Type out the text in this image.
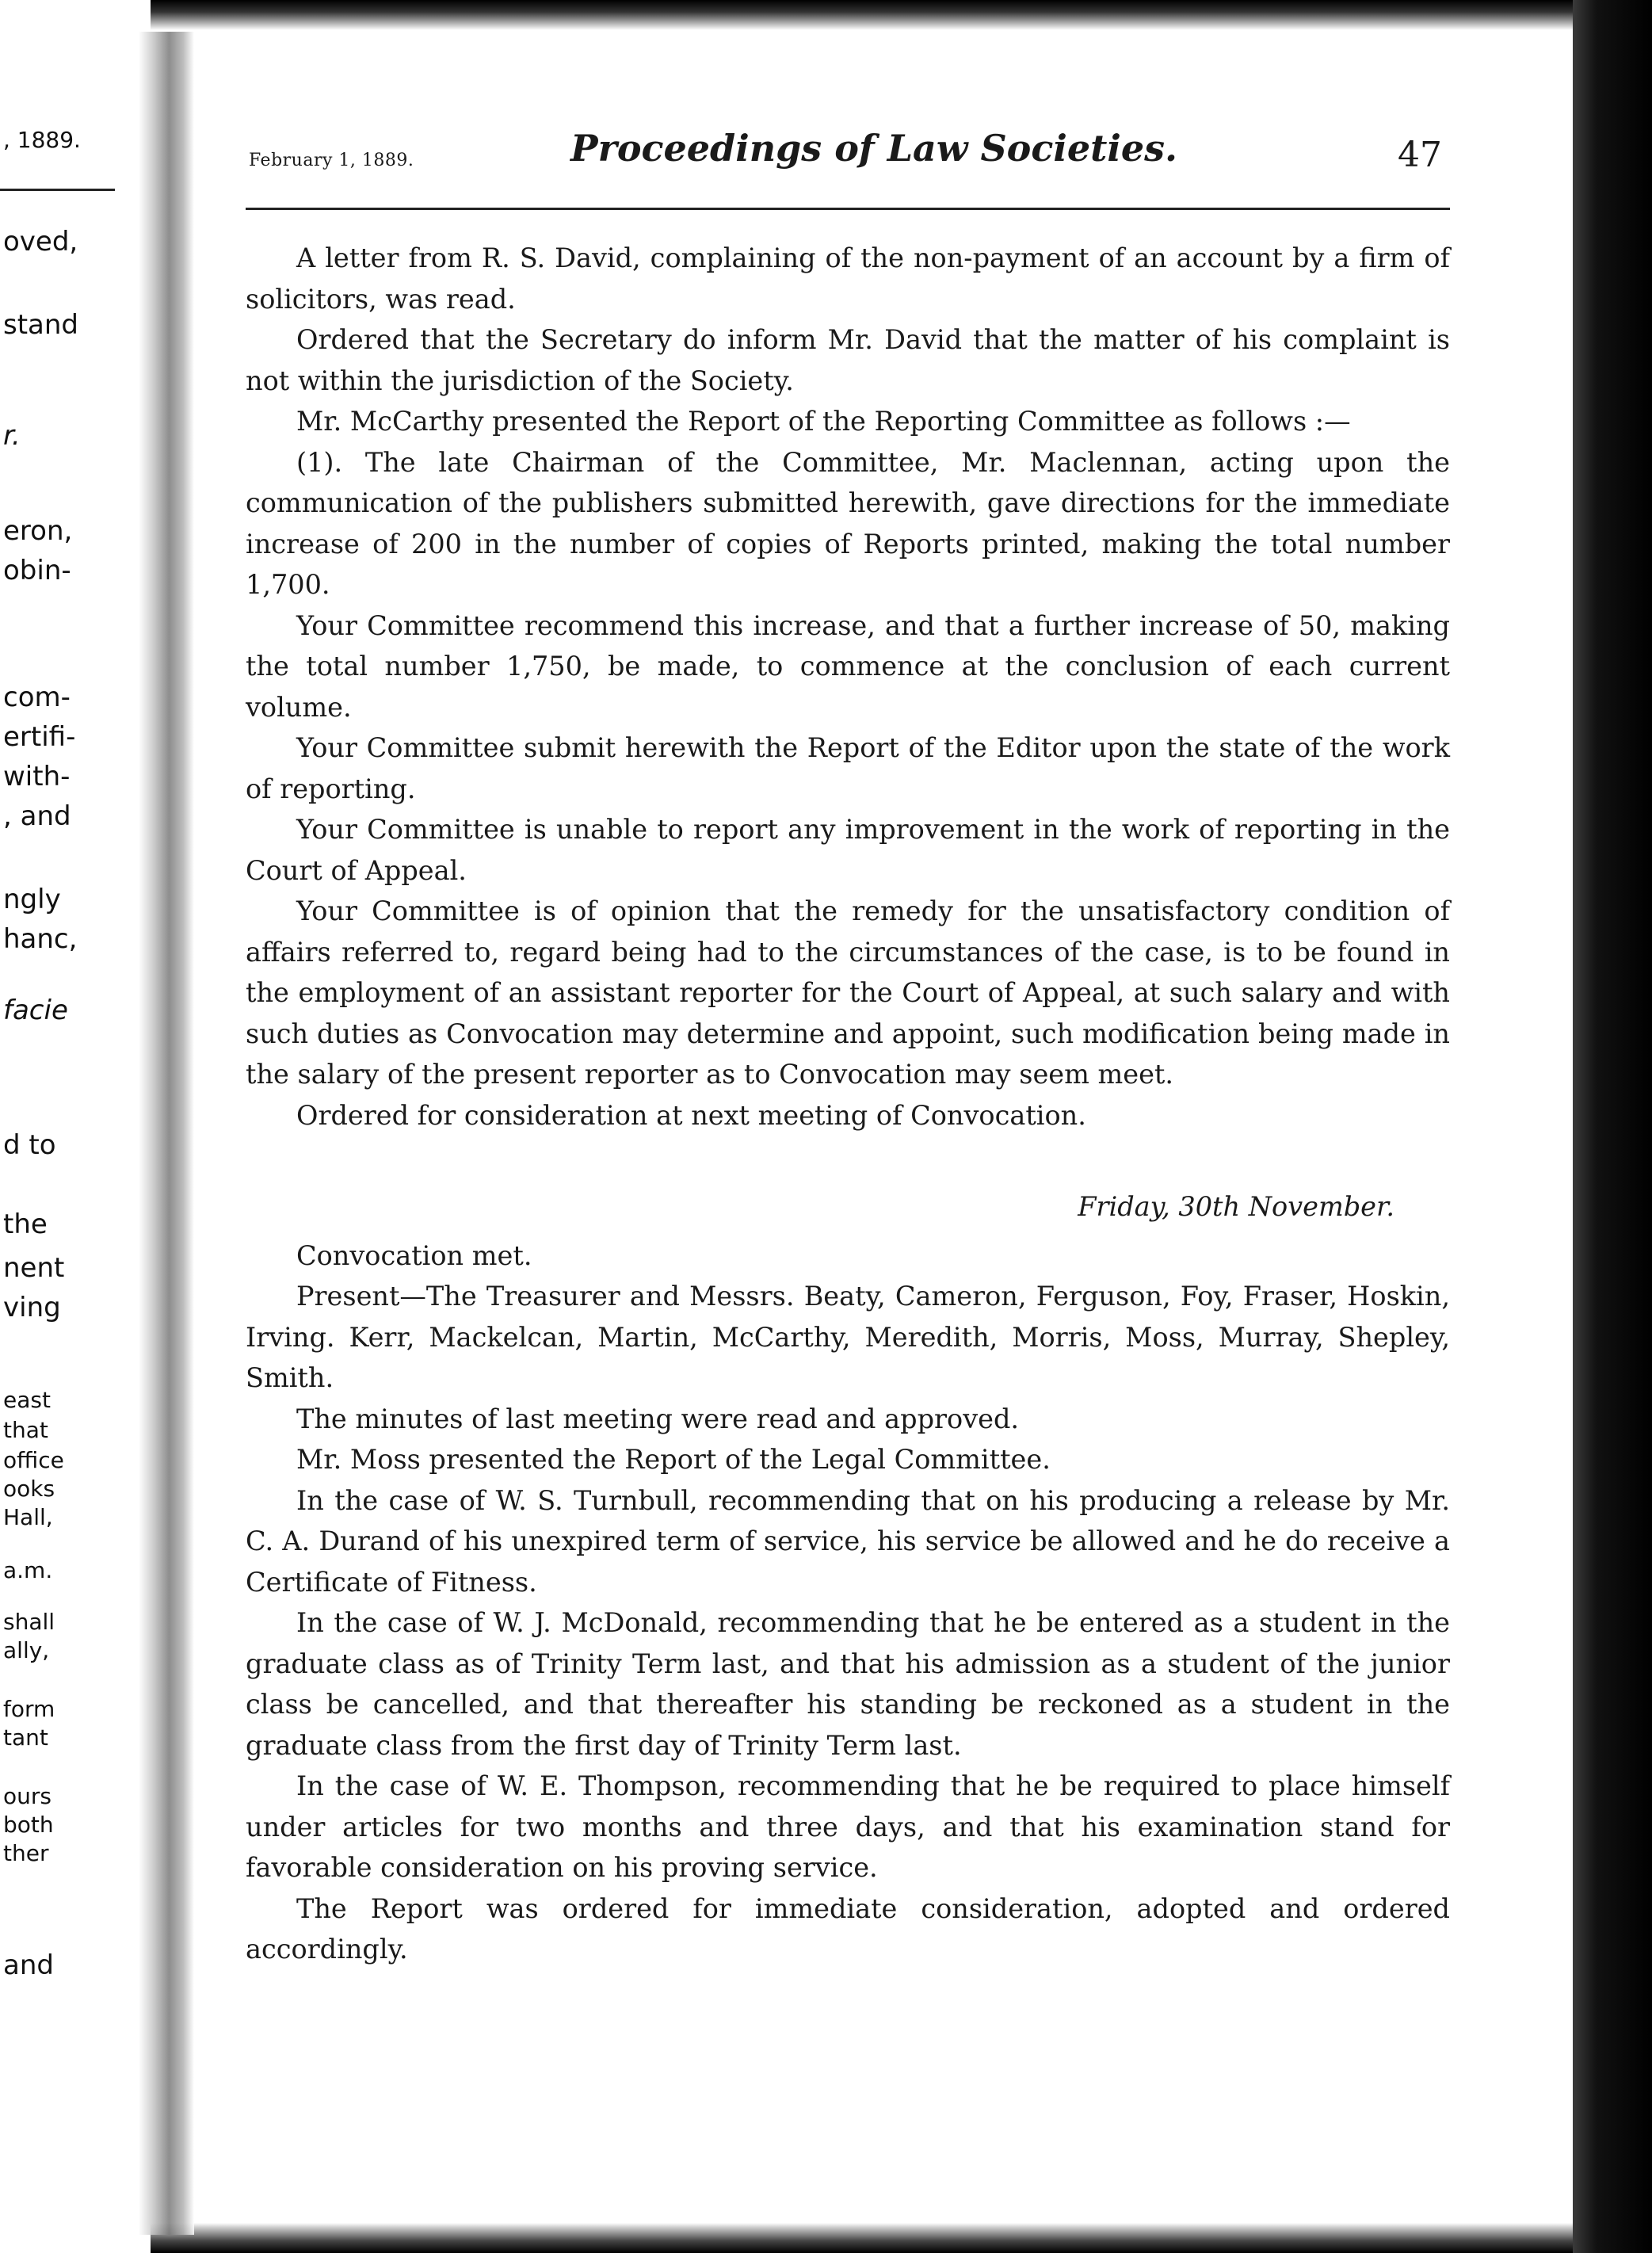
, 1889.
oved,
stand
r.
eron,
obin-
com-
ertifi-
with-
, and
ngly
hanc,
facie
d to
the
nent
ving
east
that
office
ooks
Hall,
a.m.
shall
ally,
form
tant
ours
both
ther
and
February 1, 1889.	Proceedings of Law Societies.	47

A letter from R. S. David, complaining of the non-payment of an account by a firm of solicitors, was read.

Ordered that the Secretary do inform Mr. David that the matter of his complaint is not within the jurisdiction of the Society.

Mr. McCarthy presented the Report of the Reporting Committee as follows :—

(1). The late Chairman of the Committee, Mr. Maclennan, acting upon the communication of the publishers submitted herewith, gave directions for the immediate increase of 200 in the number of copies of Reports printed, making the total number 1,700.

Your Committee recommend this increase, and that a further increase of 50, making the total number 1,750, be made, to commence at the conclusion of each current volume.

Your Committee submit herewith the Report of the Editor upon the state of the work of reporting.

Your Committee is unable to report any improvement in the work of reporting in the Court of Appeal.

Your Committee is of opinion that the remedy for the unsatisfactory condition of affairs referred to, regard being had to the circumstances of the case, is to be found in the employment of an assistant reporter for the Court of Appeal, at such salary and with such duties as Convocation may determine and appoint, such modification being made in the salary of the present reporter as to Convocation may seem meet.

Ordered for consideration at next meeting of Convocation.

Friday, 30th November.

Convocation met.

Present—The Treasurer and Messrs. Beaty, Cameron, Ferguson, Foy, Fraser, Hoskin, Irving. Kerr, Mackelcan, Martin, McCarthy, Meredith, Morris, Moss, Murray, Shepley, Smith.

The minutes of last meeting were read and approved.

Mr. Moss presented the Report of the Legal Committee.

In the case of W. S. Turnbull, recommending that on his producing a release by Mr. C. A. Durand of his unexpired term of service, his service be allowed and he do receive a Certificate of Fitness.

In the case of W. J. McDonald, recommending that he be entered as a student in the graduate class as of Trinity Term last, and that his admission as a student of the junior class be cancelled, and that thereafter his standing be reckoned as a student in the graduate class from the first day of Trinity Term last.

In the case of W. E. Thompson, recommending that he be required to place himself under articles for two months and three days, and that his examination stand for favorable consideration on his proving service.

The Report was ordered for immediate consideration, adopted and ordered accordingly.
